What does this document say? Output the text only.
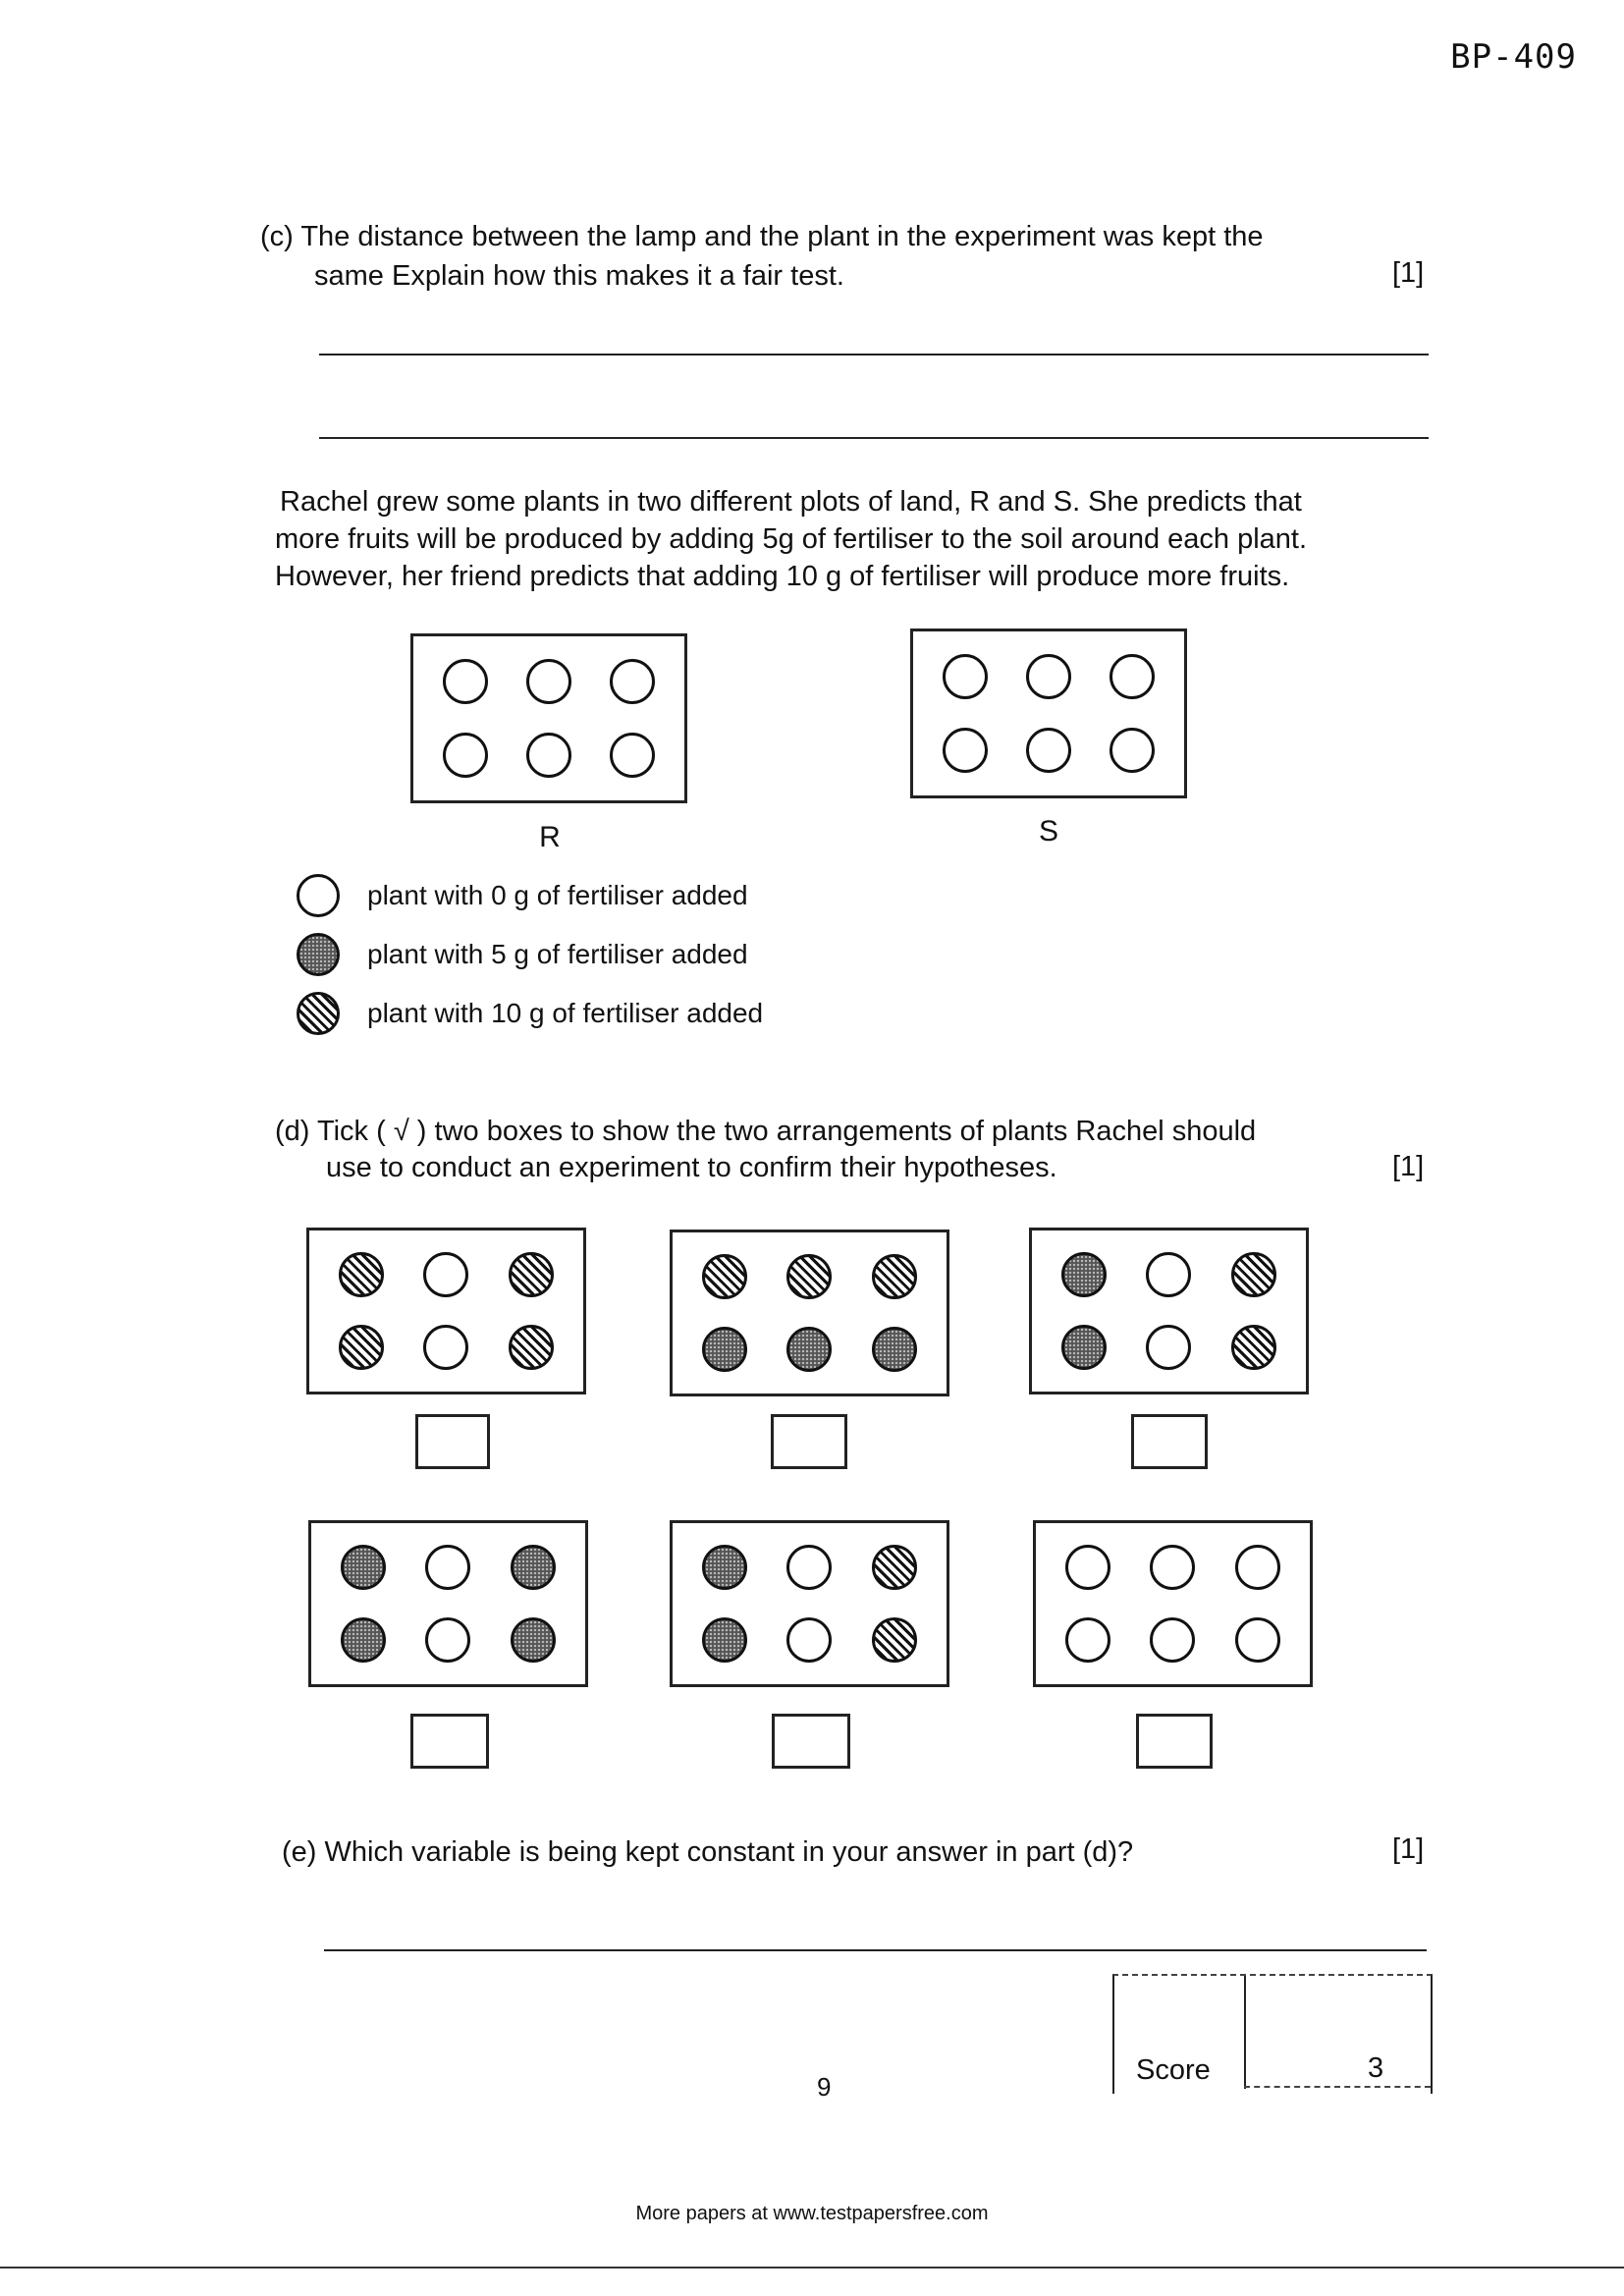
BP-409
(c) The distance between the lamp and the plant in the experiment was kept the
same Explain how this makes it a fair test.	[1]
Rachel grew some plants in two different plots of land, R and S. She predicts that
more fruits will be produced by adding 5g of fertiliser to the soil around each plant.
However, her friend predicts that adding 10 g of fertiliser will produce more fruits.
R	S
plant with 0 g of fertiliser added
plant with 5 g of fertiliser added
plant with 10 g of fertiliser added
(d) Tick ( √ ) two boxes to show the two arrangements of plants Rachel should
use to conduct an experiment to confirm their hypotheses.	[1]
(e) Which variable is being kept constant in your answer in part (d)?	[1]
Score	3
9
More papers at www.testpapersfree.com
